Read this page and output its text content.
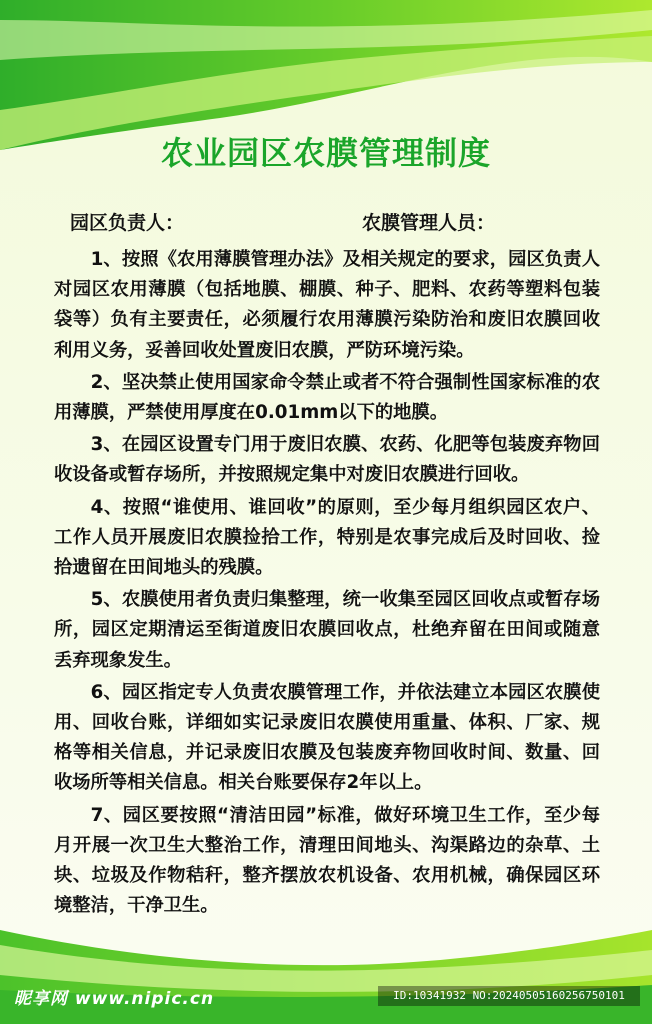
农业园区农膜管理制度
园区负责人：	农膜管理人员：

1、按照《农用薄膜管理办法》及相关规定的要求，园区负责人对园区农用薄膜（包括地膜、棚膜、种子、肥料、农药等塑料包装袋等）负有主要责任，必须履行农用薄膜污染防治和废旧农膜回收利用义务，妥善回收处置废旧农膜，严防环境污染。

2、坚决禁止使用国家命令禁止或者不符合强制性国家标准的农用薄膜，严禁使用厚度在0.01mm以下的地膜。

3、在园区设置专门用于废旧农膜、农药、化肥等包装废弃物回收设备或暂存场所，并按照规定集中对废旧农膜进行回收。

4、按照“谁使用、谁回收”的原则，至少每月组织园区农户、工作人员开展废旧农膜捡拾工作，特别是农事完成后及时回收、捡拾遗留在田间地头的残膜。

5、农膜使用者负责归集整理，统一收集至园区回收点或暂存场所，园区定期清运至街道废旧农膜回收点，杜绝弃留在田间或随意丢弃现象发生。

6、园区指定专人负责农膜管理工作，并依法建立本园区农膜使用、回收台账，详细如实记录废旧农膜使用重量、体积、厂家、规格等相关信息，并记录废旧农膜及包装废弃物回收时间、数量、回收场所等相关信息。相关台账要保存2年以上。

7、园区要按照“清洁田园”标准，做好环境卫生工作，至少每月开展一次卫生大整治工作，清理田间地头、沟渠路边的杂草、土块、垃圾及作物秸秆，整齐摆放农机设备、农用机械，确保园区环境整洁，干净卫生。

昵享网 www.nipic.cn	ID:10341932 NO:20240505160256750101
